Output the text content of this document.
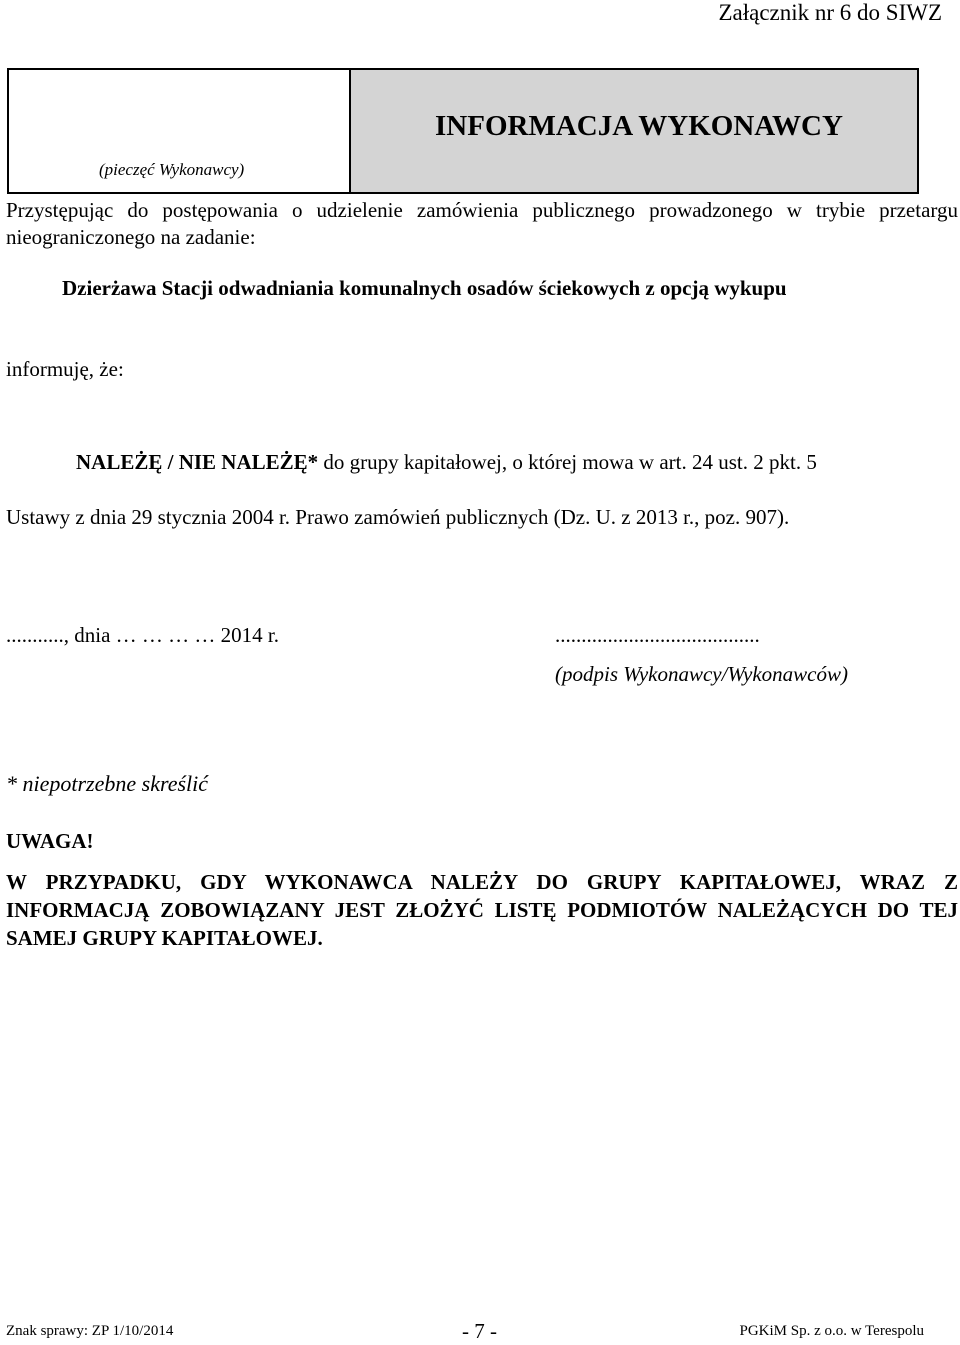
Załącznik nr 6 do SIWZ
(pieczęć Wykonawcy)
INFORMACJA WYKONAWCY
Przystępując do postępowania o udzielenie zamówienia publicznego prowadzonego w trybie przetargu nieograniczonego na zadanie:
Dzierżawa Stacji odwadniania komunalnych osadów ściekowych z opcją wykupu
informuję, że:
NALEŻĘ / NIE NALEŻĘ* do grupy kapitałowej, o której mowa w art. 24 ust. 2 pkt. 5
Ustawy z dnia 29 stycznia 2004 r. Prawo zamówień publicznych (Dz. U. z 2013 r., poz. 907).
..........., dnia … … … … 2014 r.	.......................................
(podpis Wykonawcy/Wykonawców)
* niepotrzebne skreślić
UWAGA!
W PRZYPADKU, GDY WYKONAWCA NALEŻY DO GRUPY KAPITAŁOWEJ, WRAZ Z INFORMACJĄ ZOBOWIĄZANY JEST ZŁOŻYĆ LISTĘ PODMIOTÓW NALEŻĄCYCH DO TEJ SAMEJ GRUPY KAPITAŁOWEJ.
Znak sprawy: ZP 1/10/2014	- 7 -	PGKiM Sp. z o.o. w Terespolu
